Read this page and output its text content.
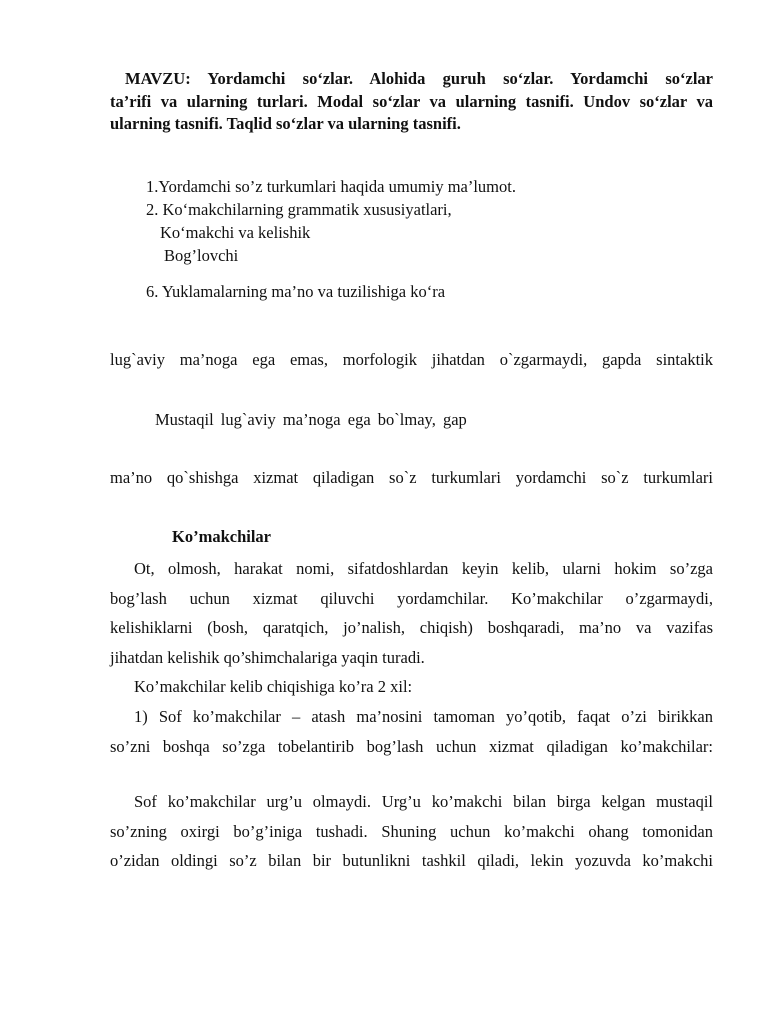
MAVZU: Yordamchi so‘zlar. Alohida guruh so‘zlar. Yordamchi so‘zlar
ta’rifi va ularning turlari. Modal so‘zlar va ularning tasnifi. Undov so‘zlar va
ularning tasnifi. Taqlid so‘zlar va ularning tasnifi.
1.Yordamchi so’z turkumlari haqida umumiy ma’lumot.
2. Ko‘makchilarning grammatik xususiyatlari,
Ko‘makchi va kelishik
Bog’lovchi
6. Yuklamalarning ma’no va tuzilishiga ko‘ra
lug`aviy ma’noga ega emas, morfologik jihatdan o`zgarmaydi, gapda sintaktik
Mustaqil lug`aviy ma’noga ega bo`lmay, gap
ma’no qo`shishga xizmat qiladigan so`z turkumlari yordamchi so`z turkumlari
Ko’makchilar
Ot, olmosh, harakat nomi, sifatdoshlardan keyin kelib, ularni hokim so’zga
bog’lash uchun xizmat qiluvchi yordamchilar. Ko’makchilar o’zgarmaydi,
kelishiklarni (bosh, qaratqich, jo’nalish, chiqish) boshqaradi, ma’no va vazifas
jihatdan kelishik qo’shimchalariga yaqin turadi.
Ko’makchilar kelib chiqishiga ko’ra 2 xil:
1) Sof ko’makchilar – atash ma’nosini tamoman yo’qotib, faqat o’zi birikkan
so’zni boshqa so’zga tobelantirib bog’lash uchun xizmat qiladigan ko’makchilar:
Sof ko’makchilar urg’u olmaydi. Urg’u ko’makchi bilan birga kelgan mustaqil
so’zning oxirgi bo’g’iniga tushadi. Shuning uchun ko’makchi ohang tomonidan
o’zidan oldingi so’z bilan bir butunlikni tashkil qiladi, lekin yozuvda ko’makchi
